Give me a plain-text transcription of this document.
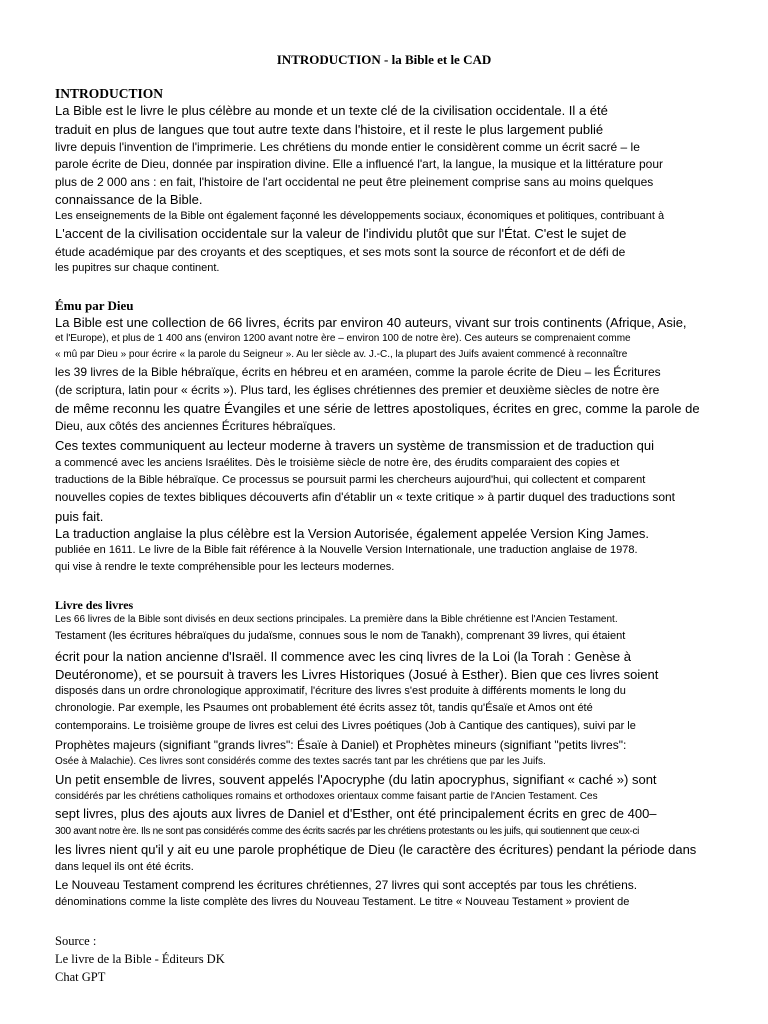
INTRODUCTION - la Bible et le CAD
INTRODUCTION
La Bible est le livre le plus célèbre au monde et un texte clé de la civilisation occidentale. Il a été
traduit en plus de langues que tout autre texte dans l'histoire, et il reste le plus largement publié
livre depuis l'invention de l'imprimerie. Les chrétiens du monde entier le considèrent comme un écrit sacré – le
parole écrite de Dieu, donnée par inspiration divine. Elle a influencé l'art, la langue, la musique et la littérature pour
plus de 2 000 ans : en fait, l'histoire de l'art occidental ne peut être pleinement comprise sans au moins quelques
connaissance de la Bible.
Les enseignements de la Bible ont également façonné les développements sociaux, économiques et politiques, contribuant à
L'accent de la civilisation occidentale sur la valeur de l'individu plutôt que sur l'État. C'est le sujet de
étude académique par des croyants et des sceptiques, et ses mots sont la source de réconfort et de défi de
les pupitres sur chaque continent.
Ému par Dieu
La Bible est une collection de 66 livres, écrits par environ 40 auteurs, vivant sur trois continents (Afrique, Asie,
et l'Europe), et plus de 1 400 ans (environ 1200 avant notre ère – environ 100 de notre ère). Ces auteurs se comprenaient comme
« mû par Dieu » pour écrire « la parole du Seigneur ». Au ler siècle av. J.-C., la plupart des Juifs avaient commencé à reconnaître
les 39 livres de la Bible hébraïque, écrits en hébreu et en araméen, comme la parole écrite de Dieu – les Écritures
(de scriptura, latin pour « écrits »). Plus tard, les églises chrétiennes des premier et deuxième siècles de notre ère
de même reconnu les quatre Évangiles et une série de lettres apostoliques, écrites en grec, comme la parole de
Dieu, aux côtés des anciennes Écritures hébraïques.
Ces textes communiquent au lecteur moderne à travers un système de transmission et de traduction qui
a commencé avec les anciens Israélites. Dès le troisième siècle de notre ère, des érudits comparaient des copies et
traductions de la Bible hébraïque. Ce processus se poursuit parmi les chercheurs aujourd'hui, qui collectent et comparent
nouvelles copies de textes bibliques découverts afin d'établir un « texte critique » à partir duquel des traductions sont
puis fait.
La traduction anglaise la plus célèbre est la Version Autorisée, également appelée Version King James.
publiée en 1611. Le livre de la Bible fait référence à la Nouvelle Version Internationale, une traduction anglaise de 1978.
qui vise à rendre le texte compréhensible pour les lecteurs modernes.
Livre des livres
Les 66 livres de la Bible sont divisés en deux sections principales. La première dans la Bible chrétienne est l'Ancien Testament.
Testament (les écritures hébraïques du judaïsme, connues sous le nom de Tanakh), comprenant 39 livres, qui étaient
écrit pour la nation ancienne d'Israël. Il commence avec les cinq livres de la Loi (la Torah : Genèse à
Deutéronome), et se poursuit à travers les Livres Historiques (Josué à Esther). Bien que ces livres soient
disposés dans un ordre chronologique approximatif, l'écriture des livres s'est produite à différents moments le long du
chronologie. Par exemple, les Psaumes ont probablement été écrits assez tôt, tandis qu'Ésaïe et Amos ont été
contemporains. Le troisième groupe de livres est celui des Livres poétiques (Job à Cantique des cantiques), suivi par le
Prophètes majeurs (signifiant "grands livres": Ésaïe à Daniel) et Prophètes mineurs (signifiant "petits livres":
Osée à Malachie). Ces livres sont considérés comme des textes sacrés tant par les chrétiens que par les Juifs.
Un petit ensemble de livres, souvent appelés l'Apocryphe (du latin apocryphus, signifiant « caché ») sont
considérés par les chrétiens catholiques romains et orthodoxes orientaux comme faisant partie de l'Ancien Testament. Ces
sept livres, plus des ajouts aux livres de Daniel et d'Esther, ont été principalement écrits en grec de 400–
300 avant notre ère. Ils ne sont pas considérés comme des écrits sacrés par les chrétiens protestants ou les juifs, qui soutiennent que ceux-ci
les livres nient qu'il y ait eu une parole prophétique de Dieu (le caractère des écritures) pendant la période dans
dans lequel ils ont été écrits.
Le Nouveau Testament comprend les écritures chrétiennes, 27 livres qui sont acceptés par tous les chrétiens.
dénominations comme la liste complète des livres du Nouveau Testament. Le titre « Nouveau Testament » provient de
Source :
Le livre de la Bible - Éditeurs DK
Chat GPT
